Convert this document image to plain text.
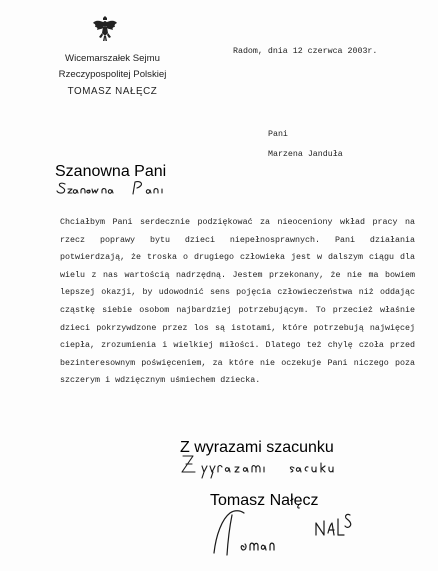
Wicemarszałek Sejmu
Rzeczypospolitej Polskiej
TOMASZ NAŁĘCZ
Radom, dnia 12 czerwca 2003r.
Pani
Marzena Janduła
Szanowna Pani
Chciałbym Pani serdecznie podziękować za nieoceniony wkład pracy na rzecz poprawy bytu dzieci niepełnosprawnych. Pani działania potwierdzają, że troska o drugiego człowieka jest w dalszym ciągu dla wielu z nas wartością nadrzędną. Jestem przekonany, że nie ma bowiem lepszej okazji, by udowodnić sens pojęcia człowieczeństwa niż oddając cząstkę siebie osobom najbardziej potrzebującym. To przecież właśnie dzieci pokrzywdzone przez los są istotami, które potrzebują najwięcej ciepła, zrozumienia i wielkiej miłości. Dlatego też chylę czoła przed bezinteresownym poświęceniem, za które nie oczekuje Pani niczego poza szczerym i wdzięcznym uśmiechem dziecka.
Z wyrazami szacunku
Tomasz Nałęcz
